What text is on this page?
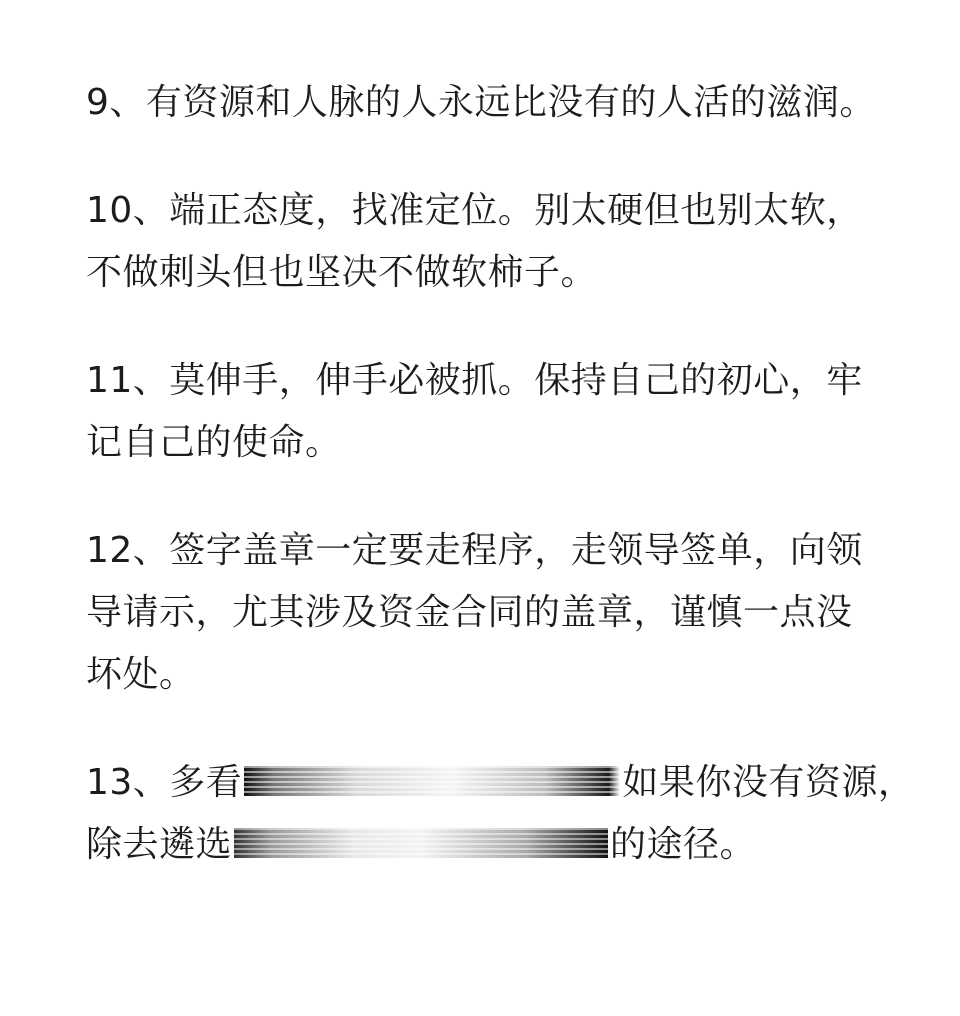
9、有资源和人脉的人永远比没有的人活的滋润。
10、端正态度，找准定位。别太硬但也别太软，
不做刺头但也坚决不做软柿子。
11、莫伸手，伸手必被抓。保持自己的初心，牢
记自己的使命。
12、签字盖章一定要走程序，走领导签单，向领
导请示，尤其涉及资金合同的盖章，谨慎一点没
坏处。
13、多看	如果你没有资源，
除去遴选	的途径。
